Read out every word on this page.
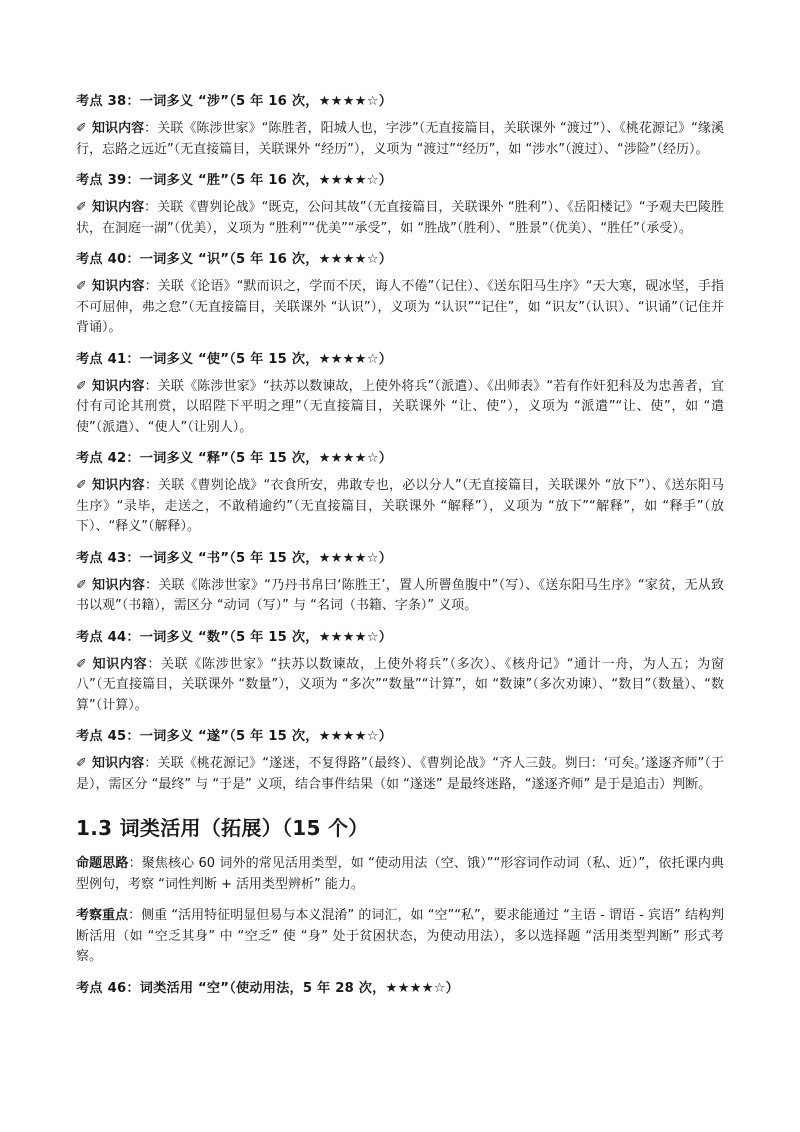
考点 38：一词多义 “涉”（5 年 16 次，★★★★☆）
✐ 知识内容：关联《陈涉世家》“陈胜者，阳城人也，字涉”（无直接篇目，关联课外 “渡过”）、《桃花源记》“缘溪行，忘路之远近”（无直接篇目，关联课外 “经历”），义项为 “渡过”“经历”，如 “涉水”（渡过）、“涉险”（经历）。
考点 39：一词多义 “胜”（5 年 16 次，★★★★☆）
✐ 知识内容：关联《曹刿论战》“既克，公问其故”（无直接篇目，关联课外 “胜利”）、《岳阳楼记》“予观夫巴陵胜状，在洞庭一湖”（优美），义项为 “胜利”“优美”“承受”，如 “胜战”（胜利）、“胜景”（优美）、“胜任”（承受）。
考点 40：一词多义 “识”（5 年 16 次，★★★★☆）
✐ 知识内容：关联《论语》“默而识之，学而不厌，诲人不倦”（记住）、《送东阳马生序》“天大寒，砚冰坚，手指不可屈伸，弗之怠”（无直接篇目，关联课外 “认识”），义项为 “认识”“记住”，如 “识友”（认识）、“识诵”（记住并背诵）。
考点 41：一词多义 “使”（5 年 15 次，★★★★☆）
✐ 知识内容：关联《陈涉世家》“扶苏以数谏故，上使外将兵”（派遣）、《出师表》“若有作奸犯科及为忠善者，宜付有司论其刑赏，以昭陛下平明之理”（无直接篇目，关联课外 “让、使”），义项为 “派遣”“让、使”，如 “遣使”（派遣）、“使人”（让别人）。
考点 42：一词多义 “释”（5 年 15 次，★★★★☆）
✐ 知识内容：关联《曹刿论战》“衣食所安，弗敢专也，必以分人”（无直接篇目，关联课外 “放下”）、《送东阳马生序》“录毕，走送之，不敢稍逾约”（无直接篇目，关联课外 “解释”），义项为 “放下”“解释”，如 “释手”（放下）、“释义”（解释）。
考点 43：一词多义 “书”（5 年 15 次，★★★★☆）
✐ 知识内容：关联《陈涉世家》“乃丹书帛曰‘陈胜王’，置人所罾鱼腹中”（写）、《送东阳马生序》“家贫，无从致书以观”（书籍），需区分 “动词（写）” 与 “名词（书籍、字条）” 义项。
考点 44：一词多义 “数”（5 年 15 次，★★★★☆）
✐ 知识内容：关联《陈涉世家》“扶苏以数谏故，上使外将兵”（多次）、《核舟记》“通计一舟，为人五；为窗八”（无直接篇目，关联课外 “数量”），义项为 “多次”“数量”“计算”，如 “数谏”（多次劝谏）、“数目”（数量）、“数算”（计算）。
考点 45：一词多义 “遂”（5 年 15 次，★★★★☆）
✐ 知识内容：关联《桃花源记》“遂迷，不复得路”（最终）、《曹刿论战》“齐人三鼓。刿曰：‘可矣。’遂逐齐师”（于是），需区分 “最终” 与 “于是” 义项，结合事件结果（如 “遂迷” 是最终迷路，“遂逐齐师” 是于是追击）判断。
1.3 词类活用（拓展）（15 个）
命题思路：聚焦核心 60 词外的常见活用类型，如 “使动用法（空、饿）”“形容词作动词（私、近）”，依托课内典型例句，考察 “词性判断 + 活用类型辨析” 能力。
考察重点：侧重 “活用特征明显但易与本义混淆” 的词汇，如 “空”“私”，要求能通过 “主语 - 谓语 - 宾语” 结构判断活用（如 “空乏其身” 中 “空乏” 使 “身” 处于贫困状态，为使动用法），多以选择题 “活用类型判断” 形式考察。
考点 46：词类活用 “空”（使动用法，5 年 28 次，★★★★☆）
